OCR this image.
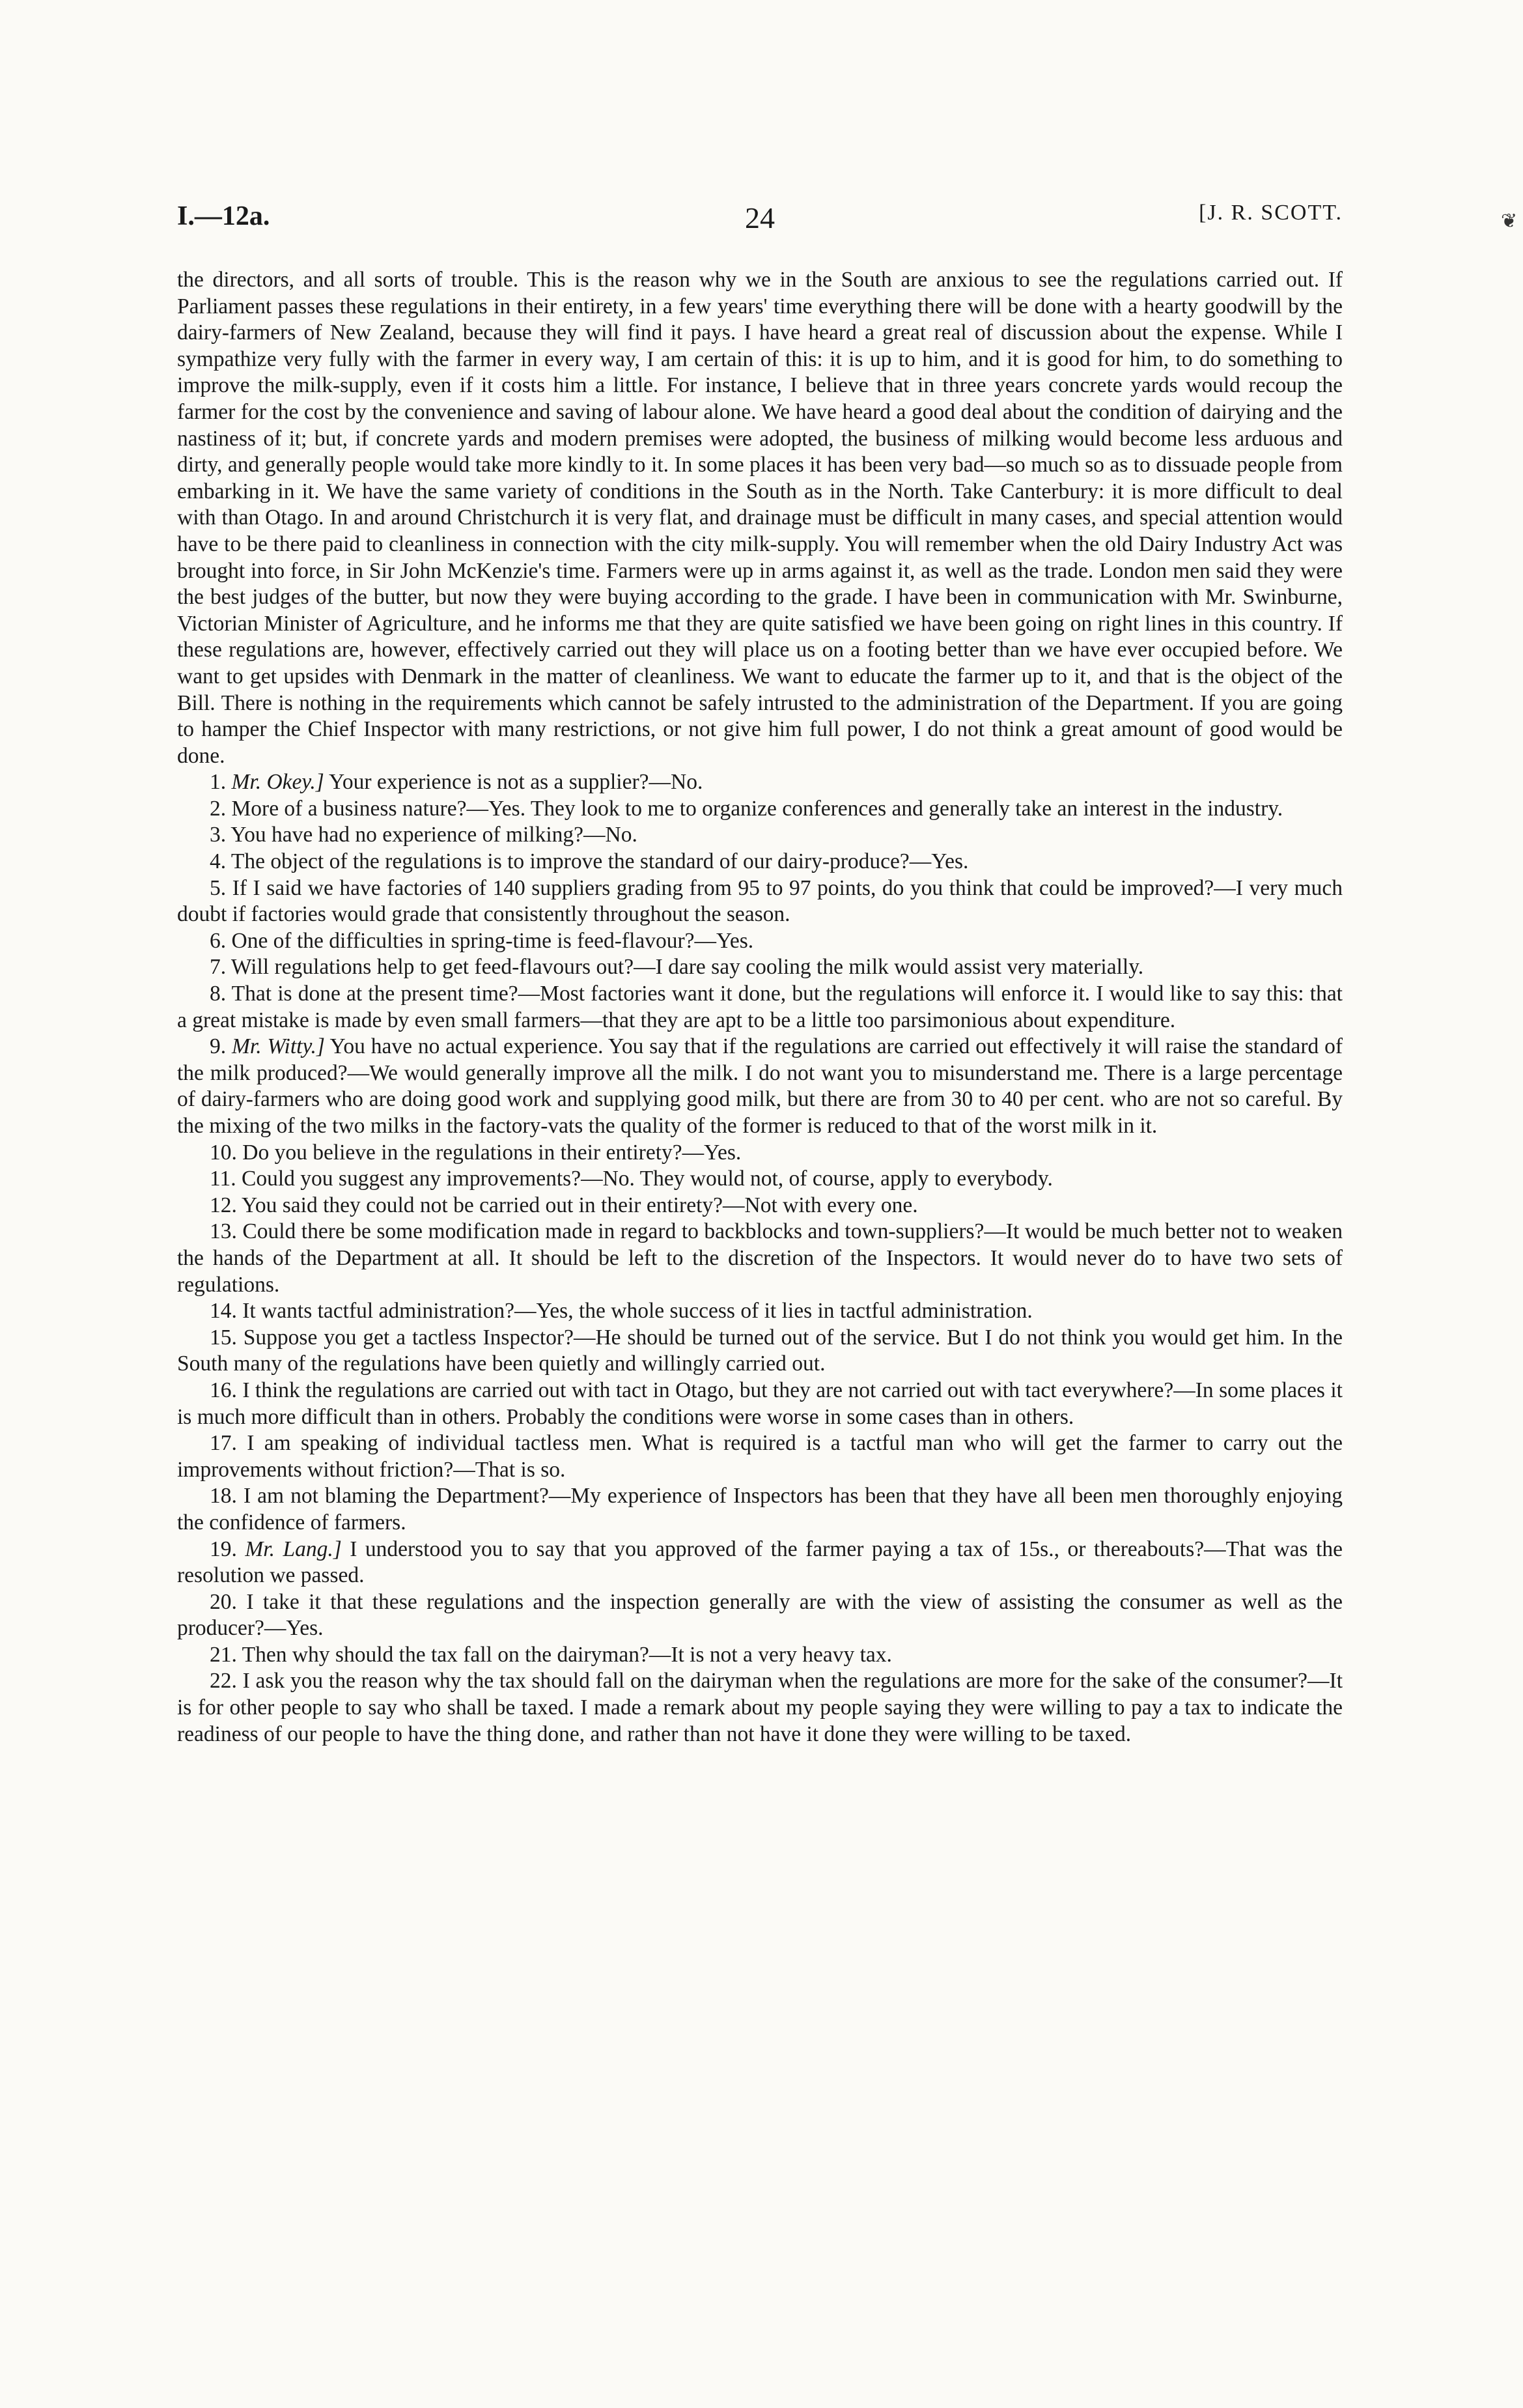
I.—12a.	24	[J. R. SCOTT.	❦

the directors, and all sorts of trouble. This is the reason why we in the South are anxious to see the regulations carried out. If Parliament passes these regulations in their entirety, in a few years' time everything there will be done with a hearty goodwill by the dairy-farmers of New Zealand, because they will find it pays. I have heard a great real of discussion about the expense. While I sympathize very fully with the farmer in every way, I am certain of this: it is up to him, and it is good for him, to do something to improve the milk-supply, even if it costs him a little. For instance, I believe that in three years concrete yards would recoup the farmer for the cost by the convenience and saving of labour alone. We have heard a good deal about the condition of dairying and the nastiness of it; but, if concrete yards and modern premises were adopted, the business of milking would become less arduous and dirty, and generally people would take more kindly to it. In some places it has been very bad—so much so as to dissuade people from embarking in it. We have the same variety of conditions in the South as in the North. Take Canterbury: it is more difficult to deal with than Otago. In and around Christchurch it is very flat, and drainage must be difficult in many cases, and special attention would have to be there paid to cleanliness in connection with the city milk-supply. You will remember when the old Dairy Industry Act was brought into force, in Sir John McKenzie's time. Farmers were up in arms against it, as well as the trade. London men said they were the best judges of the butter, but now they were buying according to the grade. I have been in communication with Mr. Swinburne, Victorian Minister of Agriculture, and he informs me that they are quite satisfied we have been going on right lines in this country. If these regulations are, however, effectively carried out they will place us on a footing better than we have ever occupied before. We want to get upsides with Denmark in the matter of cleanliness. We want to educate the farmer up to it, and that is the object of the Bill. There is nothing in the requirements which cannot be safely intrusted to the administration of the Department. If you are going to hamper the Chief Inspector with many restrictions, or not give him full power, I do not think a great amount of good would be done.

1. Mr. Okey.] Your experience is not as a supplier?—No.

2. More of a business nature?—Yes. They look to me to organize conferences and generally take an interest in the industry.

3. You have had no experience of milking?—No.

4. The object of the regulations is to improve the standard of our dairy-produce?—Yes.

5. If I said we have factories of 140 suppliers grading from 95 to 97 points, do you think that could be improved?—I very much doubt if factories would grade that consistently throughout the season.

6. One of the difficulties in spring-time is feed-flavour?—Yes.

7. Will regulations help to get feed-flavours out?—I dare say cooling the milk would assist very materially.

8. That is done at the present time?—Most factories want it done, but the regulations will enforce it. I would like to say this: that a great mistake is made by even small farmers—that they are apt to be a little too parsimonious about expenditure.

9. Mr. Witty.] You have no actual experience. You say that if the regulations are carried out effectively it will raise the standard of the milk produced?—We would generally improve all the milk. I do not want you to misunderstand me. There is a large percentage of dairy-farmers who are doing good work and supplying good milk, but there are from 30 to 40 per cent. who are not so careful. By the mixing of the two milks in the factory-vats the quality of the former is reduced to that of the worst milk in it.

10. Do you believe in the regulations in their entirety?—Yes.

11. Could you suggest any improvements?—No. They would not, of course, apply to everybody.

12. You said they could not be carried out in their entirety?—Not with every one.

13. Could there be some modification made in regard to backblocks and town-suppliers?—It would be much better not to weaken the hands of the Department at all. It should be left to the discretion of the Inspectors. It would never do to have two sets of regulations.

14. It wants tactful administration?—Yes, the whole success of it lies in tactful administration.

15. Suppose you get a tactless Inspector?—He should be turned out of the service. But I do not think you would get him. In the South many of the regulations have been quietly and willingly carried out.

16. I think the regulations are carried out with tact in Otago, but they are not carried out with tact everywhere?—In some places it is much more difficult than in others. Probably the conditions were worse in some cases than in others.

17. I am speaking of individual tactless men. What is required is a tactful man who will get the farmer to carry out the improvements without friction?—That is so.

18. I am not blaming the Department?—My experience of Inspectors has been that they have all been men thoroughly enjoying the confidence of farmers.

19. Mr. Lang.] I understood you to say that you approved of the farmer paying a tax of 15s., or thereabouts?—That was the resolution we passed.

20. I take it that these regulations and the inspection generally are with the view of assisting the consumer as well as the producer?—Yes.

21. Then why should the tax fall on the dairyman?—It is not a very heavy tax.

22. I ask you the reason why the tax should fall on the dairyman when the regulations are more for the sake of the consumer?—It is for other people to say who shall be taxed. I made a remark about my people saying they were willing to pay a tax to indicate the readiness of our people to have the thing done, and rather than not have it done they were willing to be taxed.
